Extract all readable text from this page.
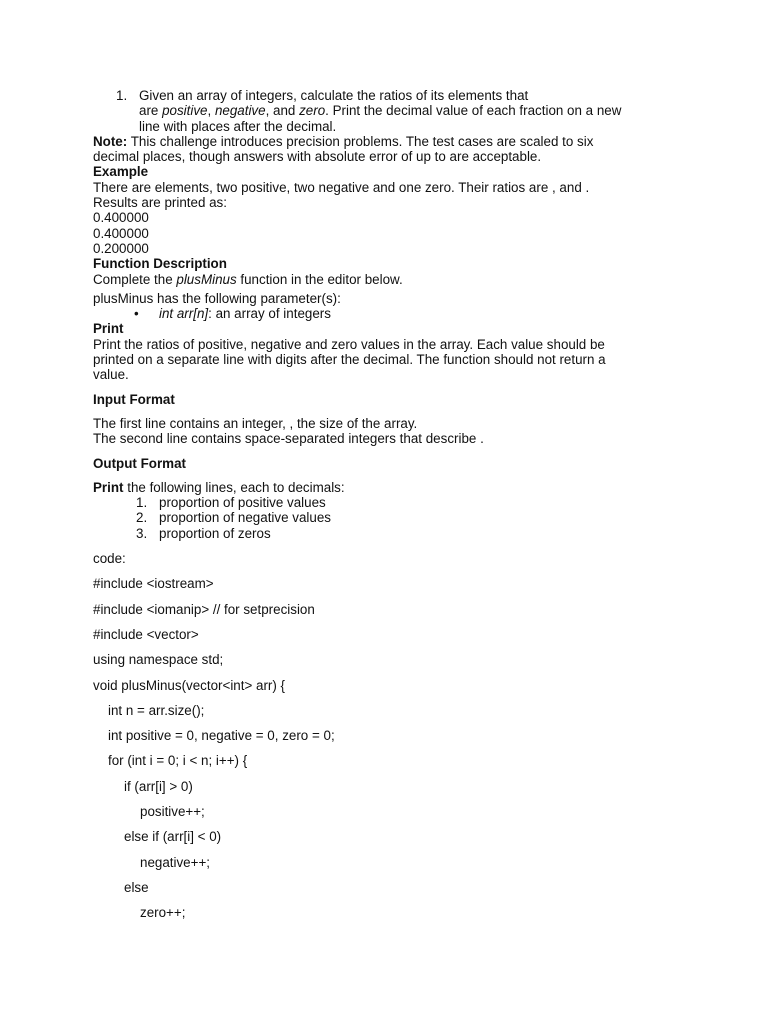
1. Given an array of integers, calculate the ratios of its elements that
are positive, negative, and zero. Print the decimal value of each fraction on a new
line with places after the decimal.
Note: This challenge introduces precision problems. The test cases are scaled to six
decimal places, though answers with absolute error of up to are acceptable.
Example
There are elements, two positive, two negative and one zero. Their ratios are , and .
Results are printed as:
0.400000
0.400000
0.200000
Function Description
Complete the plusMinus function in the editor below.
plusMinus has the following parameter(s):
• int arr[n]: an array of integers
Print
Print the ratios of positive, negative and zero values in the array. Each value should be
printed on a separate line with digits after the decimal. The function should not return a
value.
Input Format
The first line contains an integer, , the size of the array.
The second line contains space-separated integers that describe .
Output Format
Print the following lines, each to decimals:
1. proportion of positive values
2. proportion of negative values
3. proportion of zeros
code:
#include <iostream>
#include <iomanip> // for setprecision
#include <vector>
using namespace std;
void plusMinus(vector<int> arr) {
int n = arr.size();
int positive = 0, negative = 0, zero = 0;
for (int i = 0; i < n; i++) {
if (arr[i] > 0)
positive++;
else if (arr[i] < 0)
negative++;
else
zero++;
